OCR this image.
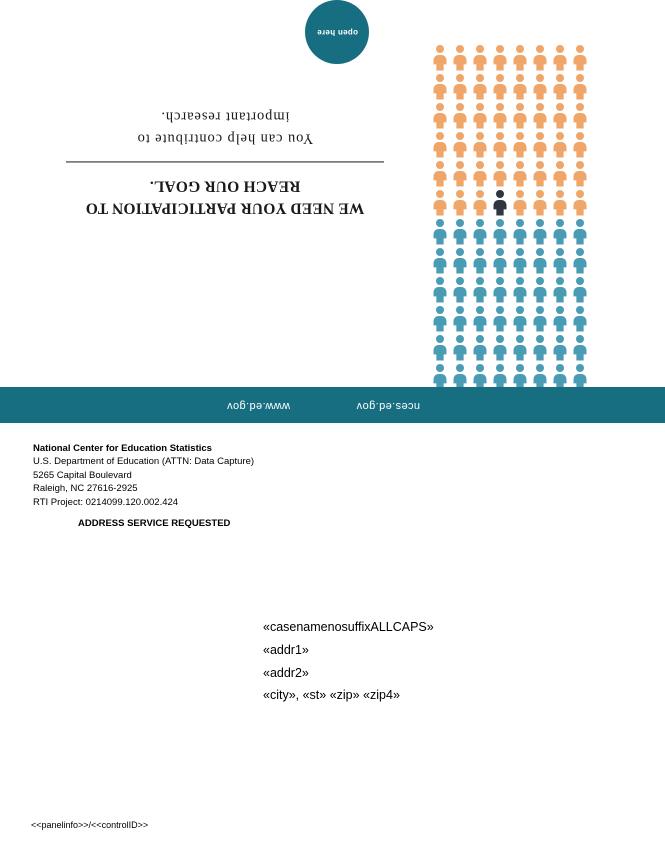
open here
WE NEED YOUR PARTICIPATION TO
REACH OUR GOAL.
You can help contribute to
important research.
nces.ed.gov
www.ed.gov
National Center for Education Statistics
U.S. Department of Education (ATTN: Data Capture)
5265 Capital Boulevard
Raleigh, NC 27616-2925
RTI Project: 0214099.120.002.424
ADDRESS SERVICE REQUESTED
«casenamenosuffixALLCAPS»
«addr1»
«addr2»
«city», «st» «zip» «zip4»
<<panelinfo>>/<<controlID>>
